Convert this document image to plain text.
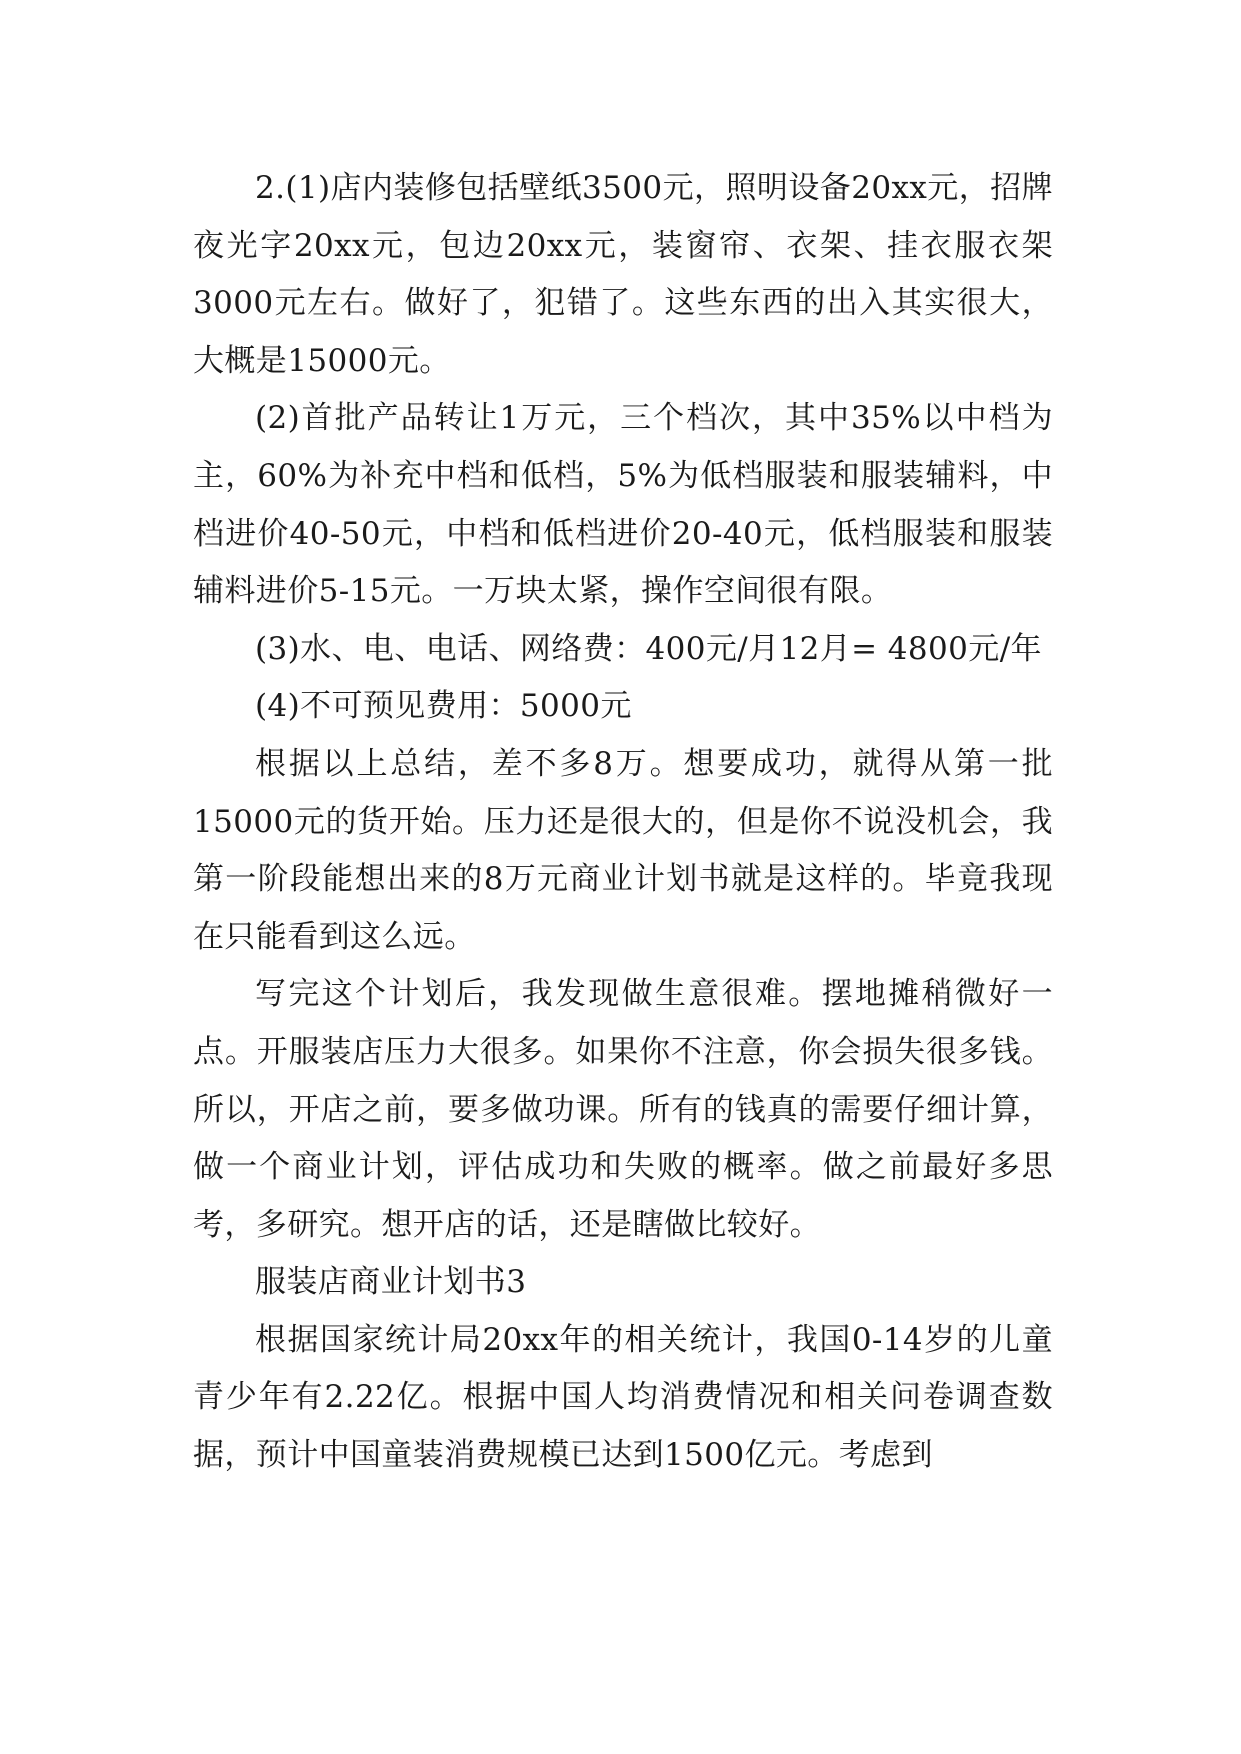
2.(1)店内装修包括壁纸3500元，照明设备20xx元，招牌夜光字20xx元，包边20xx元，装窗帘、衣架、挂衣服衣架3000元左右。做好了，犯错了。这些东西的出入其实很大，大概是15000元。

(2)首批产品转让1万元，三个档次，其中35%以中档为主，60%为补充中档和低档，5%为低档服装和服装辅料，中档进价40-50元，中档和低档进价20-40元，低档服装和服装辅料进价5-15元。一万块太紧，操作空间很有限。

(3)水、电、电话、网络费：400元/月12月= 4800元/年

(4)不可预见费用：5000元

根据以上总结，差不多8万。想要成功，就得从第一批15000元的货开始。压力还是很大的，但是你不说没机会，我第一阶段能想出来的8万元商业计划书就是这样的。毕竟我现在只能看到这么远。

写完这个计划后，我发现做生意很难。摆地摊稍微好一点。开服装店压力大很多。如果你不注意，你会损失很多钱。所以，开店之前，要多做功课。所有的钱真的需要仔细计算，做一个商业计划，评估成功和失败的概率。做之前最好多思考，多研究。想开店的话，还是瞎做比较好。

服装店商业计划书3

根据国家统计局20xx年的相关统计，我国0-14岁的儿童青少年有2.22亿。根据中国人均消费情况和相关问卷调查数据，预计中国童装消费规模已达到1500亿元。考虑到
